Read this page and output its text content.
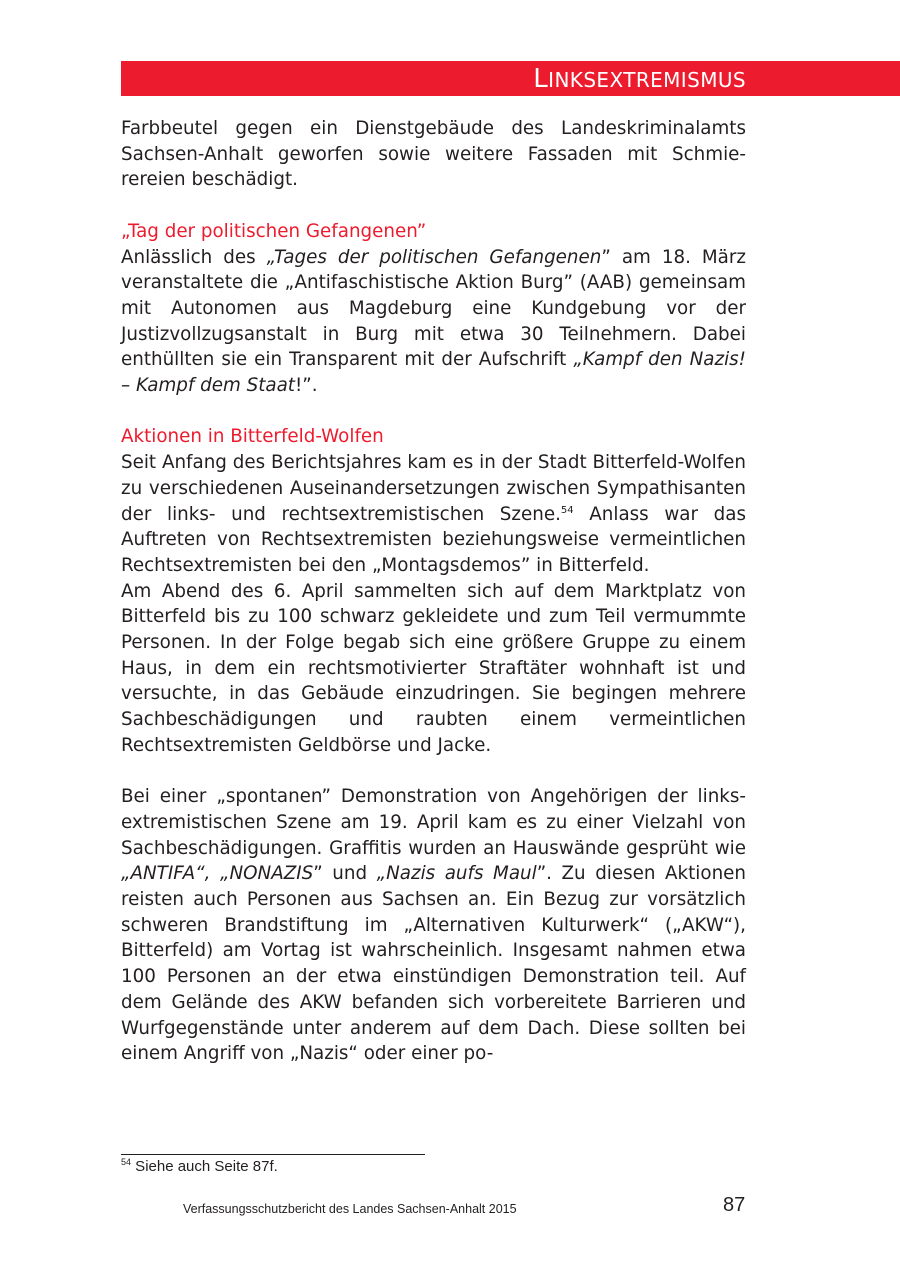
LINKSEXTREMISMUS

Farbbeutel gegen ein Dienstgebäude des Landeskriminalamts Sachsen-Anhalt geworfen sowie weitere Fassaden mit Schmierereien beschädigt.

„Tag der politischen Gefangenen”

Anlässlich des „Tages der politischen Gefangenen” am 18. März veranstaltete die „Antifaschistische Aktion Burg” (AAB) gemeinsam mit Autonomen aus Magdeburg eine Kundgebung vor der Justizvollzugsanstalt in Burg mit etwa 30 Teilnehmern. Dabei enthüllten sie ein Transparent mit der Aufschrift „Kampf den Nazis! – Kampf dem Staat!”.

Aktionen in Bitterfeld-Wolfen

Seit Anfang des Berichtsjahres kam es in der Stadt Bitterfeld-Wolfen zu verschiedenen Auseinandersetzungen zwischen Sympathisanten der links- und rechtsextremistischen Szene.$^{54}$ Anlass war das Auftreten von Rechtsextremisten beziehungsweise vermeintlichen Rechtsextremisten bei den „Montagsdemos” in Bitterfeld.

Am Abend des 6. April sammelten sich auf dem Marktplatz von Bitterfeld bis zu 100 schwarz gekleidete und zum Teil vermummte Personen. In der Folge begab sich eine größere Gruppe zu einem Haus, in dem ein rechtsmotivierter Straftäter wohnhaft ist und versuchte, in das Gebäude einzudringen. Sie begingen mehrere Sachbeschädigungen und raubten einem vermeintlichen Rechtsextremisten Geldbörse und Jacke.

Bei einer „spontanen” Demonstration von Angehörigen der linksextremistischen Szene am 19. April kam es zu einer Vielzahl von Sachbeschädigungen. Graffitis wurden an Hauswände gesprüht wie „ANTIFA“, „NONAZIS” und „Nazis aufs Maul”. Zu diesen Aktionen reisten auch Personen aus Sachsen an. Ein Bezug zur vorsätzlich schweren Brandstiftung im „Alternativen Kulturwerk“ („AKW“), Bitterfeld) am Vortag ist wahrscheinlich. Insgesamt nahmen etwa 100 Personen an der etwa einstündigen Demonstration teil. Auf dem Gelände des AKW befanden sich vorbereitete Barrieren und Wurfgegenstände unter anderem auf dem Dach. Diese sollten bei einem Angriff von „Nazis“ oder einer po-

$^{54}$ Siehe auch Seite 87f.
Verfassungsschutzbericht des Landes Sachsen-Anhalt 2015	87
